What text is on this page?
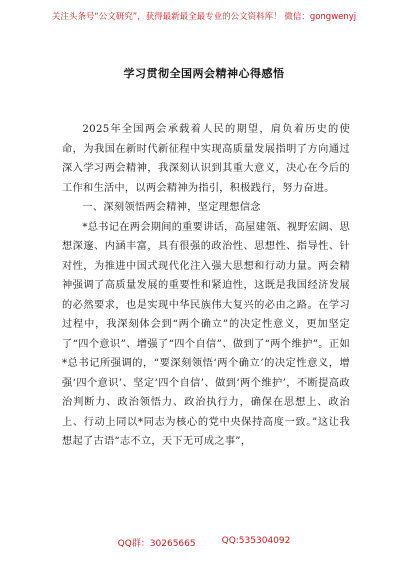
关注头条号“公文研究”，获得最新最全最专业的公文资料库！ 微信：gongwenyj
学习贯彻全国两会精神心得感悟

2025年全国两会承载着人民的期望，肩负着历史的使命，为我国在新时代新征程中实现高质量发展指明了方向通过深入学习两会精神，我深刻认识到其重大意义，决心在今后的工作和生活中，以两会精神为指引，积极践行，努力奋进。

一、深刻领悟两会精神，坚定理想信念

*总书记在两会期间的重要讲话，高屋建瓴、视野宏阔、思想深邃、内涵丰富，具有很强的政治性、思想性、指导性、针对性，为推进中国式现代化注入强大思想和行动力量。两会精神强调了高质量发展的重要性和紧迫性，这既是我国经济发展的必然要求，也是实现中华民族伟大复兴的必由之路。在学习过程中，我深刻体会到“两个确立”的决定性意义，更加坚定了“四个意识”、增强了“四个自信”、做到了“两个维护”。正如*总书记所强调的，“要深刻领悟‘两个确立’的决定性意义，增强‘四个意识’、坚定‘四个自信’、做到‘两个维护’，不断提高政治判断力、政治领悟力、政治执行力，确保在思想上、政治上、行动上同以*同志为核心的党中央保持高度一致。”这让我想起了古语“志不立，天下无可成之事”，

QQ群：30265665	QQ:535304092
